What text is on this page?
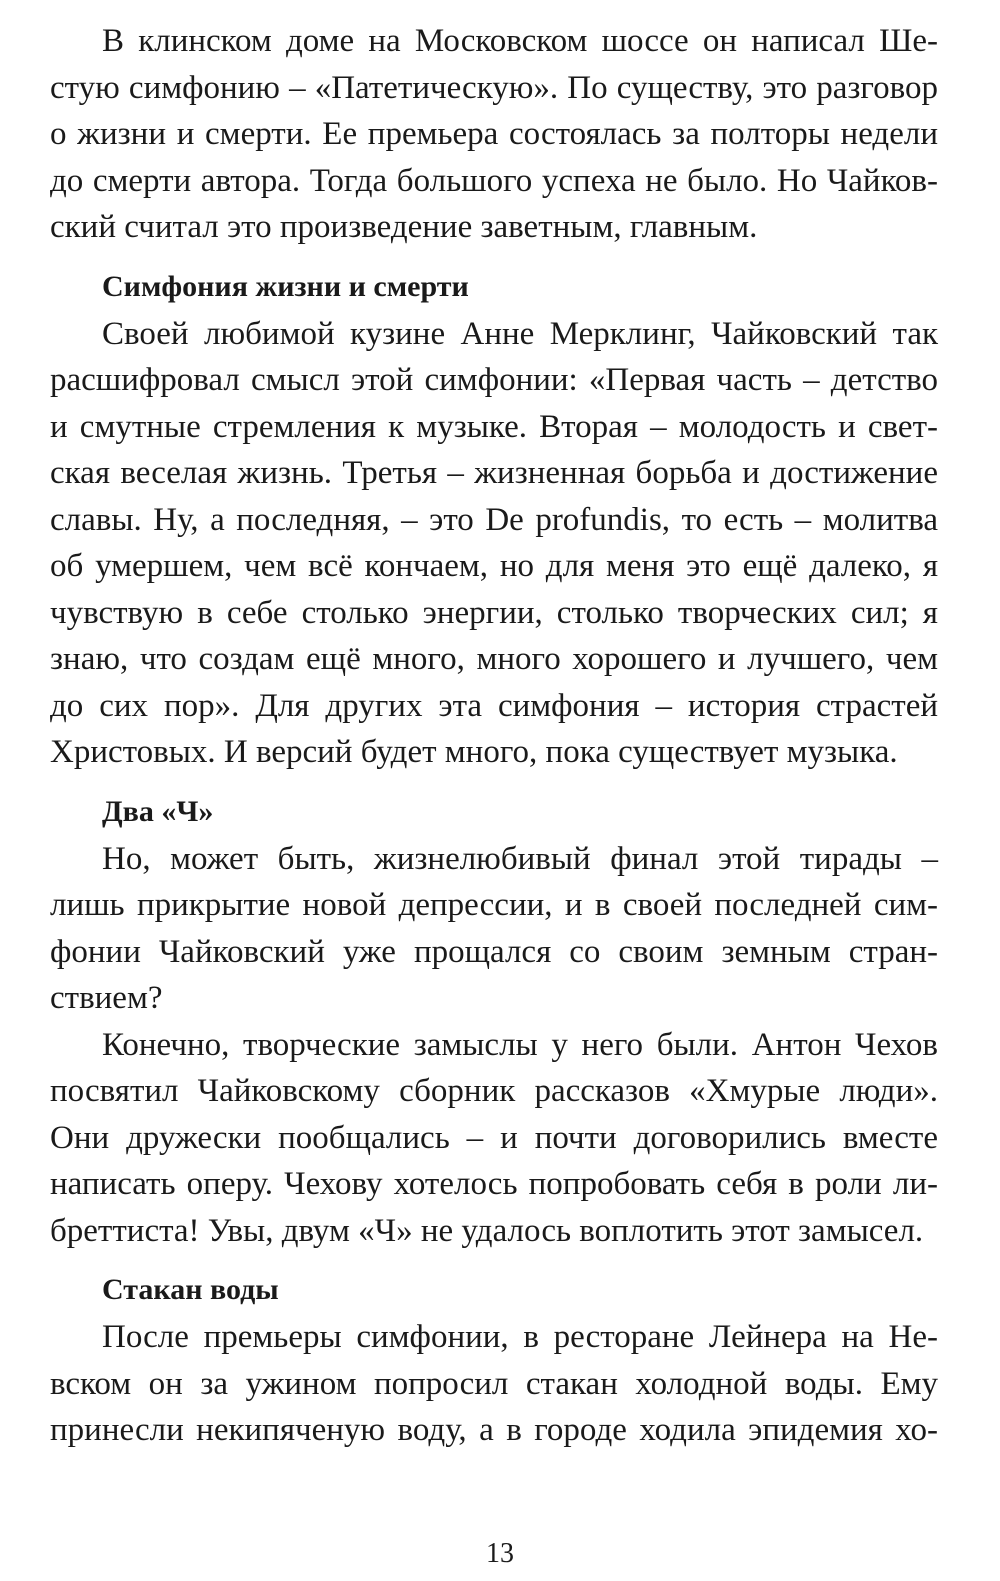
В клинском доме на Московском шоссе он написал Ше-
стую симфонию – «Патетическую». По существу, это разговор
о жизни и смерти. Ее премьера состоялась за полторы недели
до смерти автора. Тогда большого успеха не было. Но Чайков-
ский считал это произведение заветным, главным.
Симфония жизни и смерти
Своей любимой кузине Анне Мерклинг, Чайковский так
расшифровал смысл этой симфонии: «Первая часть – детство
и смутные стремления к музыке. Вторая – молодость и свет-
ская веселая жизнь. Третья – жизненная борьба и достижение
славы. Ну, а последняя, – это De profundis, то есть – молитва
об умершем, чем всё кончаем, но для меня это ещё далеко, я
чувствую в себе столько энергии, столько творческих сил; я
знаю, что создам ещё много, много хорошего и лучшего, чем
до сих пор». Для других эта симфония – история страстей
Христовых. И версий будет много, пока существует музыка.
Два «Ч»
Но, может быть, жизнелюбивый финал этой тирады –
лишь прикрытие новой депрессии, и в своей последней сим-
фонии Чайковский уже прощался со своим земным стран-
ствием?
Конечно, творческие замыслы у него были. Антон Чехов
посвятил Чайковскому сборник рассказов «Хмурые люди».
Они дружески пообщались – и почти договорились вместе
написать оперу. Чехову хотелось попробовать себя в роли ли-
бреттиста! Увы, двум «Ч» не удалось воплотить этот замысел.
Стакан воды
После премьеры симфонии, в ресторане Лейнера на Не-
вском он за ужином попросил стакан холодной воды. Ему
принесли некипяченую воду, а в городе ходила эпидемия хо-
13
